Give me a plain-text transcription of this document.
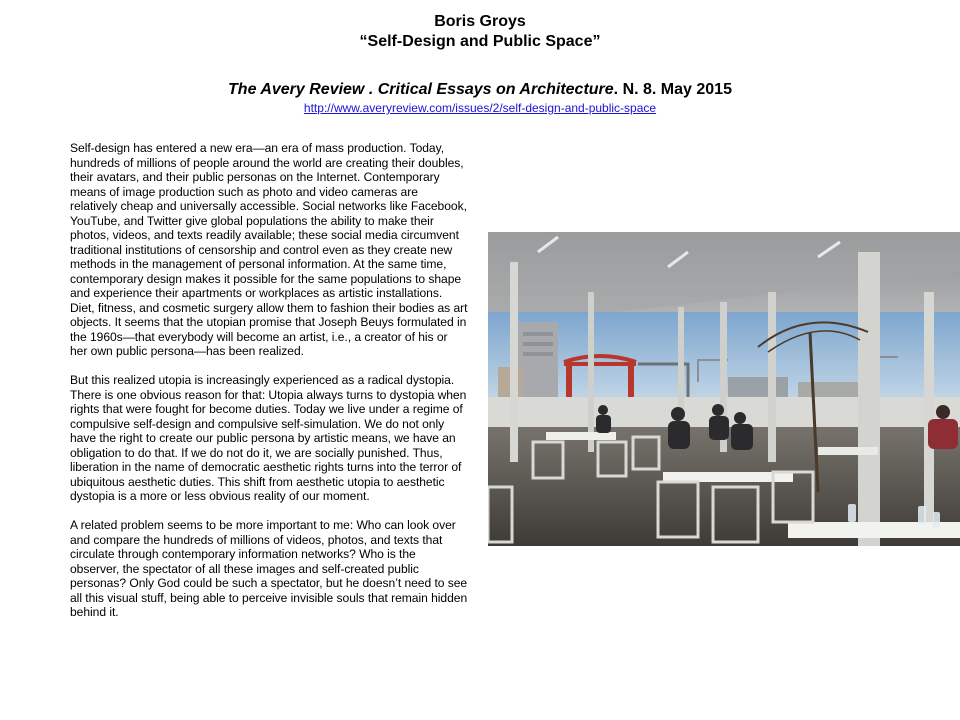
Boris Groys
“Self-Design and Public Space”
The Avery Review . Critical Essays on Architecture. N. 8. May 2015
http://www.averyreview.com/issues/2/self-design-and-public-space

Self-design has entered a new era—an era of mass production. Today, hundreds of millions of people around the world are creating their doubles, their avatars, and their public personas on the Internet. Contemporary means of image production such as photo and video cameras are relatively cheap and universally accessible. Social networks like Facebook, YouTube, and Twitter give global populations the ability to make their photos, videos, and texts readily available; these social media circumvent traditional institutions of censorship and control even as they create new methods in the management of personal information. At the same time, contemporary design makes it possible for the same populations to shape and experience their apartments or workplaces as artistic installations. Diet, fitness, and cosmetic surgery allow them to fashion their bodies as art objects. It seems that the utopian promise that Joseph Beuys formulated in the 1960s—that everybody will become an artist, i.e., a creator of his or her own public persona—has been realized.

But this realized utopia is increasingly experienced as a radical dystopia. There is one obvious reason for that: Utopia always turns to dystopia when rights that were fought for become duties. Today we live under a regime of compulsive self-design and compulsive self-simulation. We do not only have the right to create our public persona by artistic means, we have an obligation to do that. If we do not do it, we are socially punished. Thus, liberation in the name of democratic aesthetic rights turns into the terror of ubiquitous aesthetic duties. This shift from aesthetic utopia to aesthetic dystopia is a more or less obvious reality of our moment.

A related problem seems to be more important to me: Who can look over and compare the hundreds of millions of videos, photos, and texts that circulate through contemporary information networks? Who is the observer, the spectator of all these images and self-created public personas? Only God could be such a spectator, but he doesn’t need to see all this visual stuff, being able to perceive invisible souls that remain hidden behind it.
